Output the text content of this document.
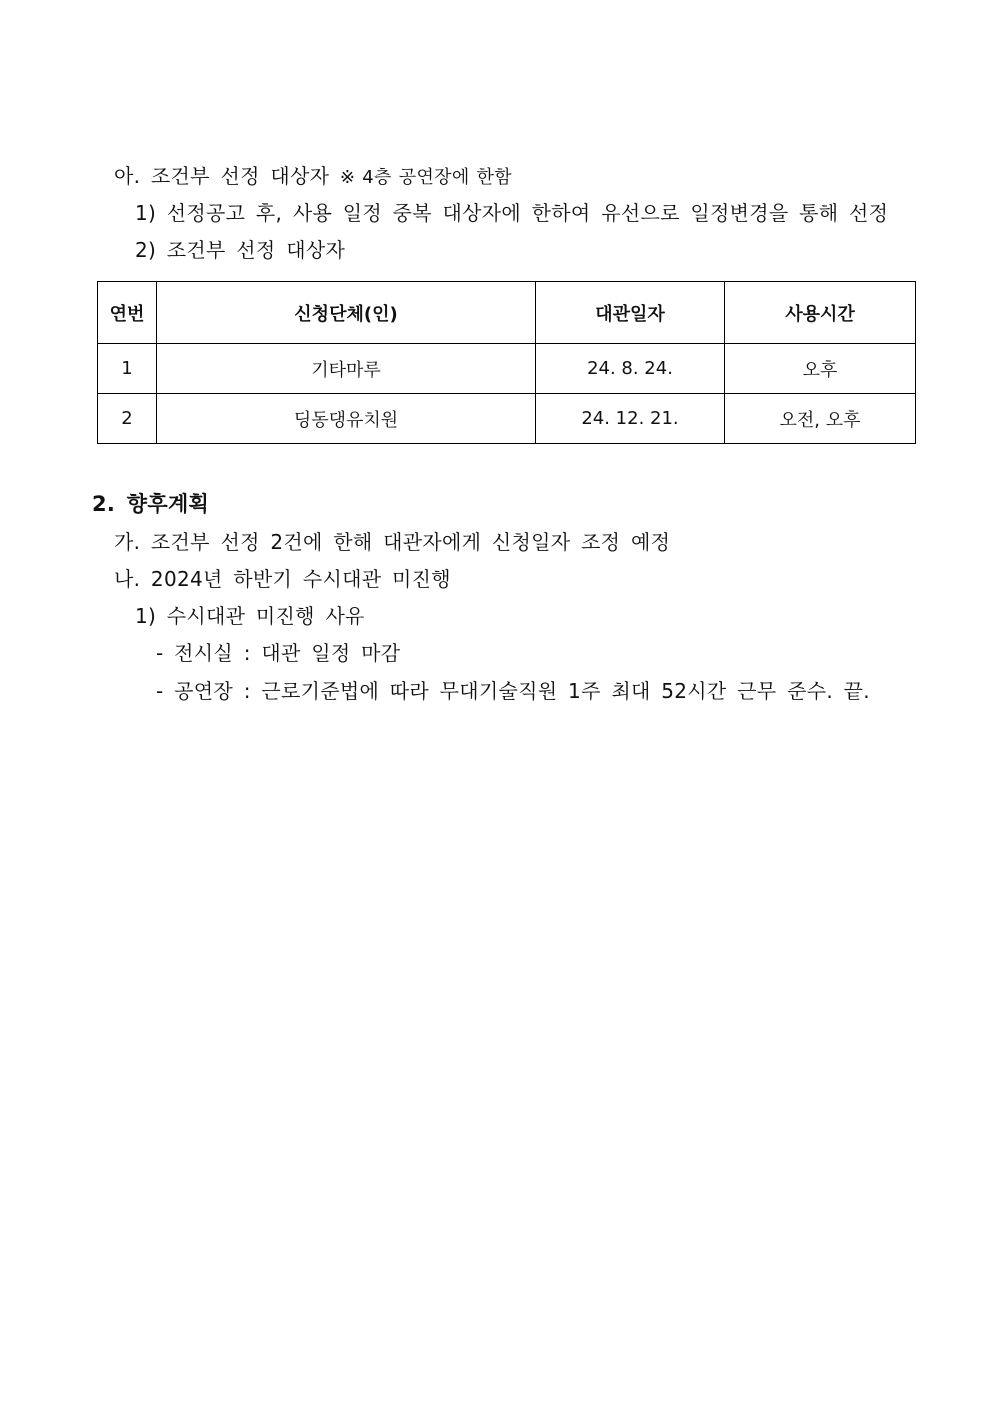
아. 조건부 선정 대상자 ※ 4층 공연장에 한함
1) 선정공고 후, 사용 일정 중복 대상자에 한하여 유선으로 일정변경을 통해 선정
2) 조건부 선정 대상자
연번	신청단체(인)	대관일자	사용시간
1	기타마루	24. 8. 24.	오후
2	딩동댕유치원	24. 12. 21.	오전, 오후
2. 향후계획
가. 조건부 선정 2건에 한해 대관자에게 신청일자 조정 예정
나. 2024년 하반기 수시대관 미진행
1) 수시대관 미진행 사유
- 전시실 : 대관 일정 마감
- 공연장 : 근로기준법에 따라 무대기술직원 1주 최대 52시간 근무 준수. 끝.
